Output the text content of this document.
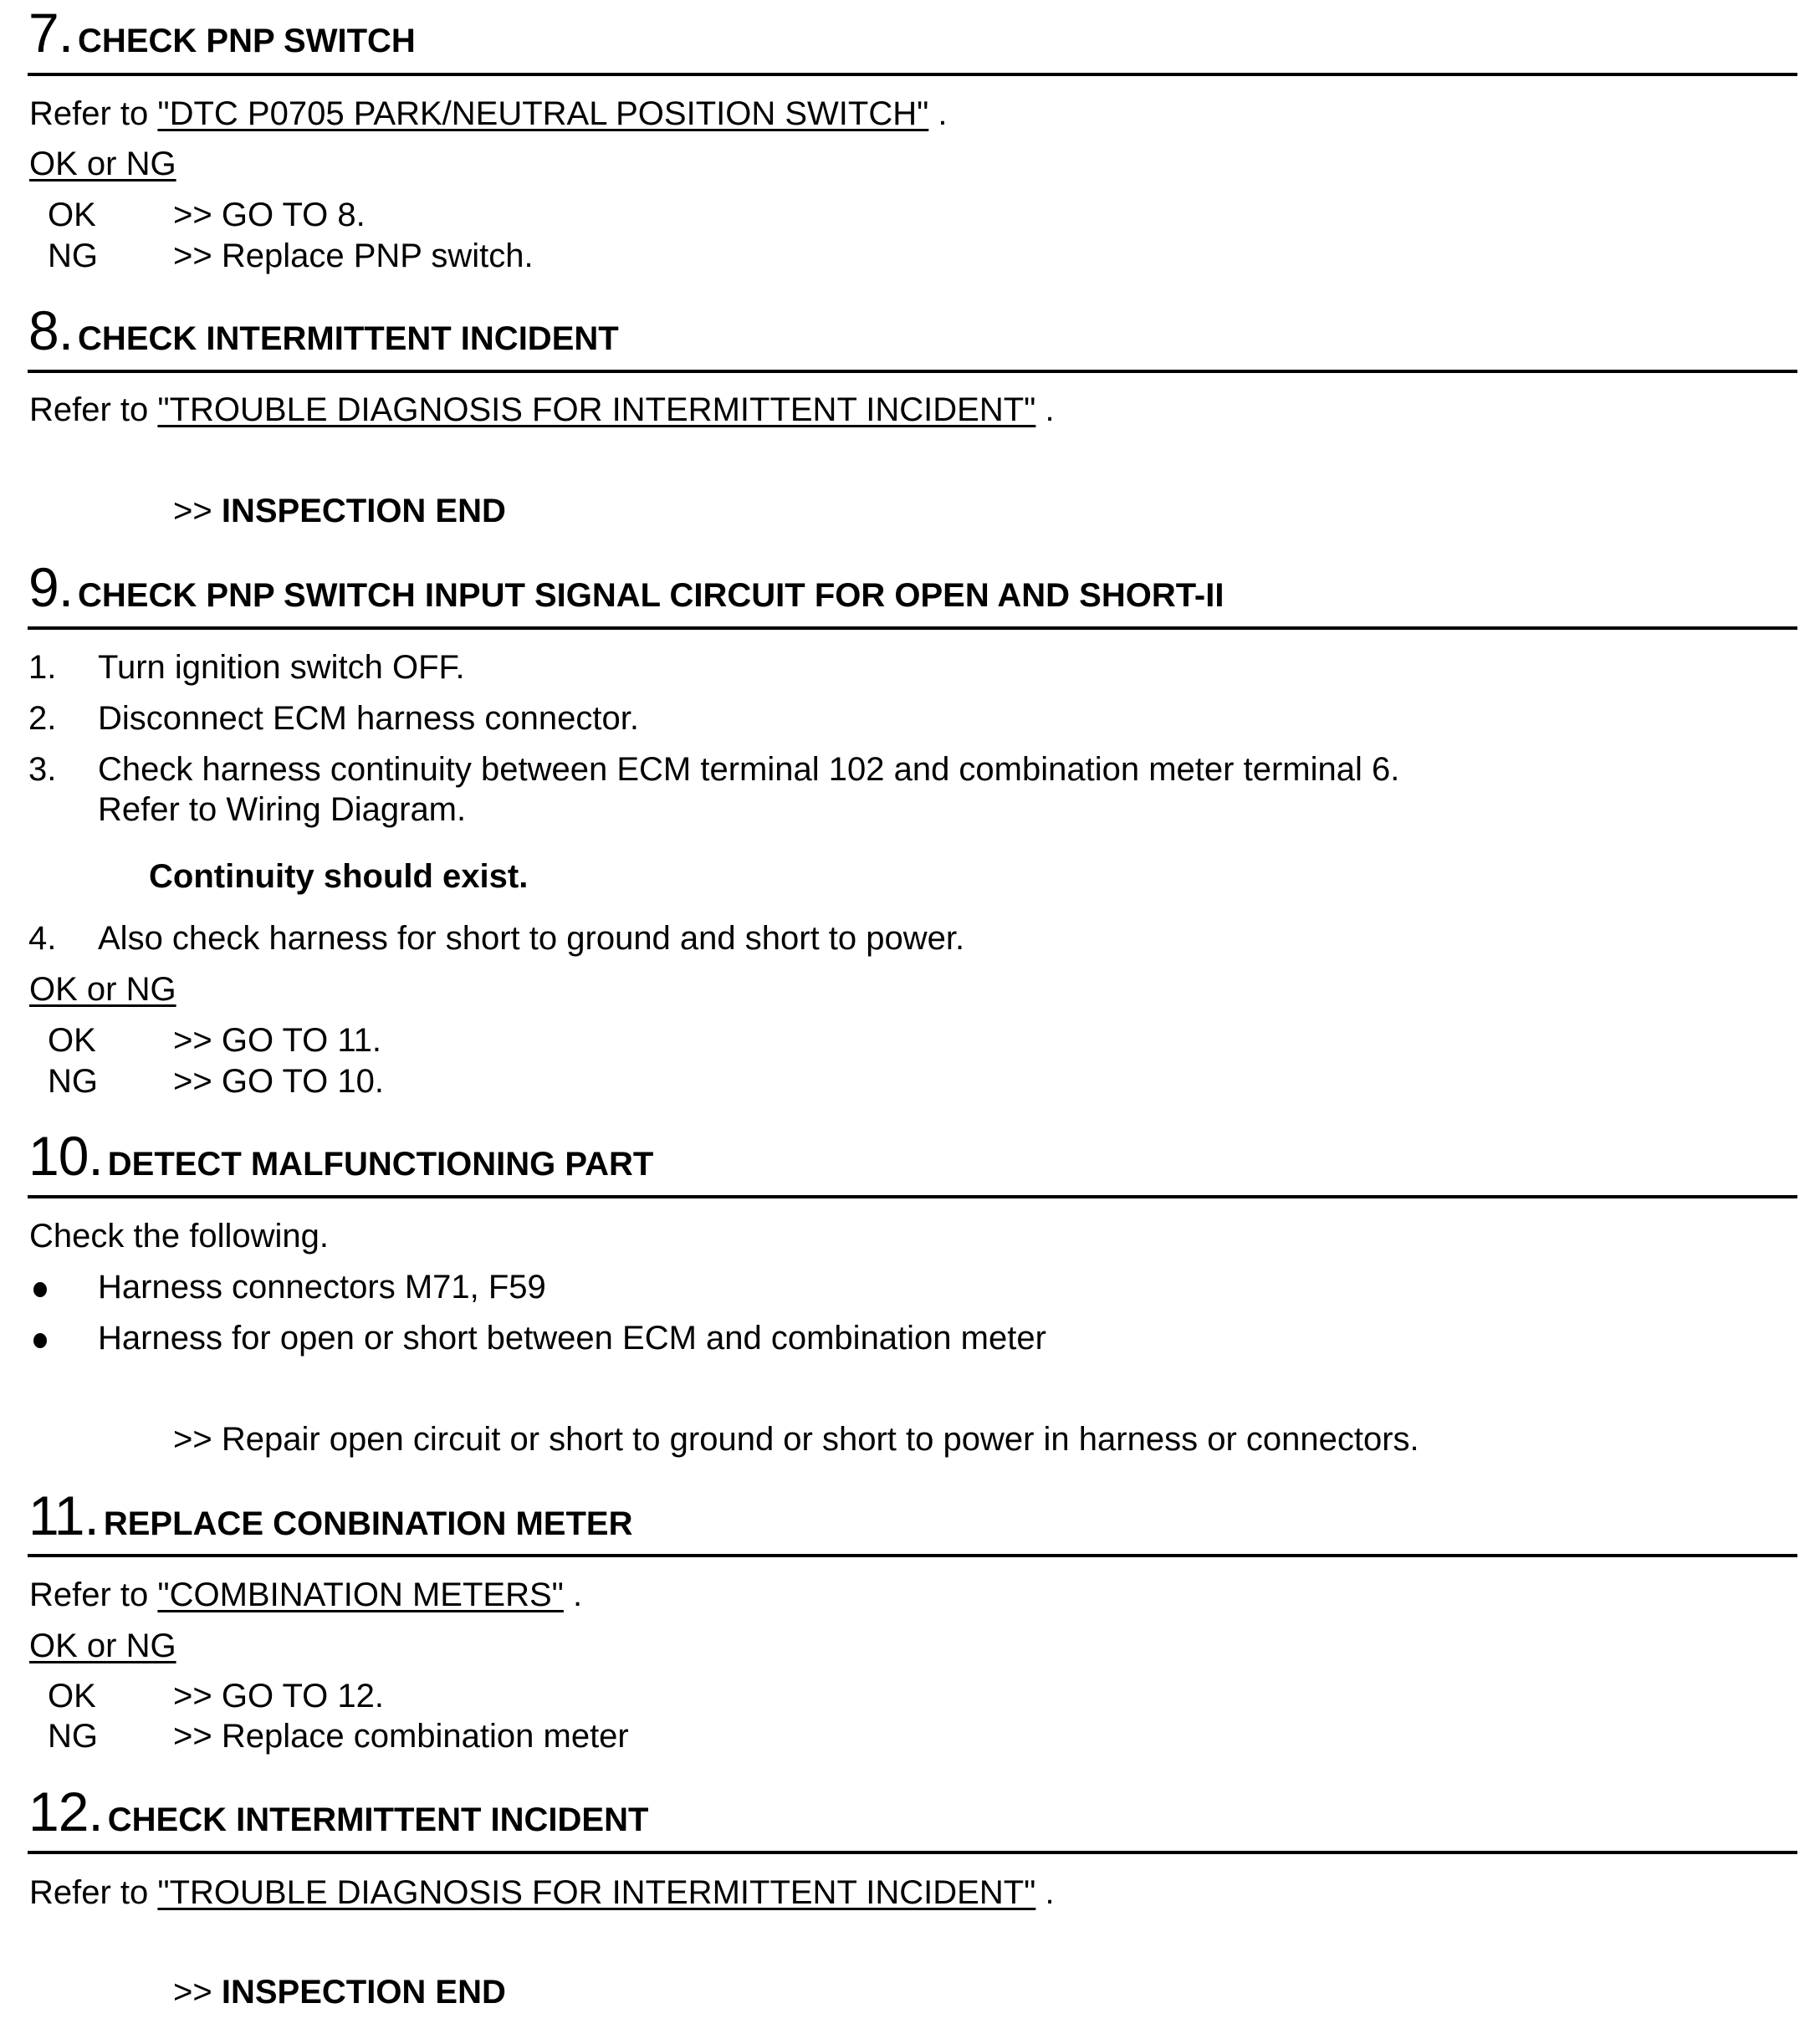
7. CHECK PNP SWITCH
Refer to "DTC P0705 PARK/NEUTRAL POSITION SWITCH" .
OK or NG
OK >> GO TO 8.
NG >> Replace PNP switch.
8. CHECK INTERMITTENT INCIDENT
Refer to "TROUBLE DIAGNOSIS FOR INTERMITTENT INCIDENT" .
>> INSPECTION END
9. CHECK PNP SWITCH INPUT SIGNAL CIRCUIT FOR OPEN AND SHORT-II
1. Turn ignition switch OFF.
2. Disconnect ECM harness connector.
3. Check harness continuity between ECM terminal 102 and combination meter terminal 6.
Refer to Wiring Diagram.
Continuity should exist.
4. Also check harness for short to ground and short to power.
OK or NG
OK >> GO TO 11.
NG >> GO TO 10.
10. DETECT MALFUNCTIONING PART
Check the following.
Harness connectors M71, F59
Harness for open or short between ECM and combination meter
>> Repair open circuit or short to ground or short to power in harness or connectors.
11. REPLACE CONBINATION METER
Refer to "COMBINATION METERS" .
OK or NG
OK >> GO TO 12.
NG >> Replace combination meter
12. CHECK INTERMITTENT INCIDENT
Refer to "TROUBLE DIAGNOSIS FOR INTERMITTENT INCIDENT" .
>> INSPECTION END
